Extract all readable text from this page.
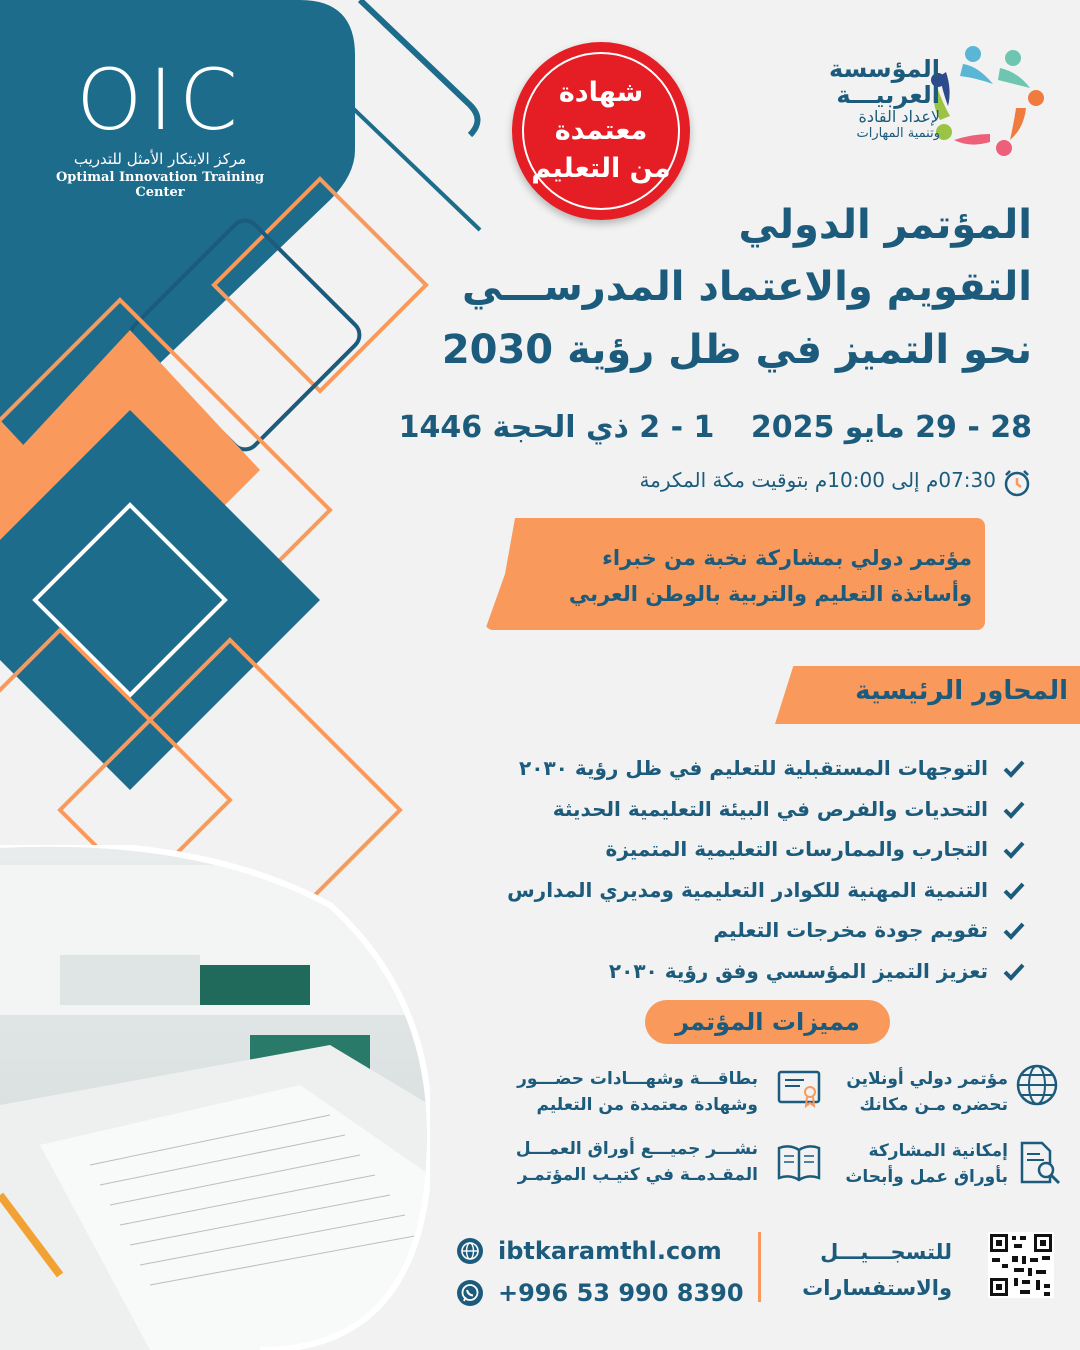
OIC
مركز الابتكار الأمثل للتدريب
Optimal Innovation Training Center
شهادة
معتمدة
من التعليم
المؤسسة
العربيـــة
لإعداد القادة
وتنمية المهارات
المؤتمر الدولي
التقويم والاعتماد المدرســـي
نحو التميز في ظل رؤية 2030
28 - 29 مايو 2025 1 - 2 ذي الحجة 1446
07:30م إلى 10:00م بتوقيت مكة المكرمة
مؤتمر دولي بمشاركة نخبة من خبراء
وأساتذة التعليم والتربية بالوطن العربي
المحاور الرئيسية
التوجهات المستقبلية للتعليم في ظل رؤية ٢٠٣٠
التحديات والفرص في البيئة التعليمية الحديثة
التجارب والممارسات التعليمية المتميزة
التنمية المهنية للكوادر التعليمية ومديري المدارس
تقويم جودة مخرجات التعليم
تعزيز التميز المؤسسي وفق رؤية ٢٠٣٠
مميزات المؤتمر
مؤتمر دولي أونلاين
تحضره مـن مكانك
بطاقـــة وشهـــادات حضـــور
وشهادة معتمدة من التعليم
إمكانية المشاركة
بأوراق عمل وأبحاث
نشـــر جميـــع أوراق العمـــل
المقـدمـة في كتيـب المؤتمـر
للتسجـــيـــل
والاستفسارات
ibtkaramthl.com
+996 53 990 8390
